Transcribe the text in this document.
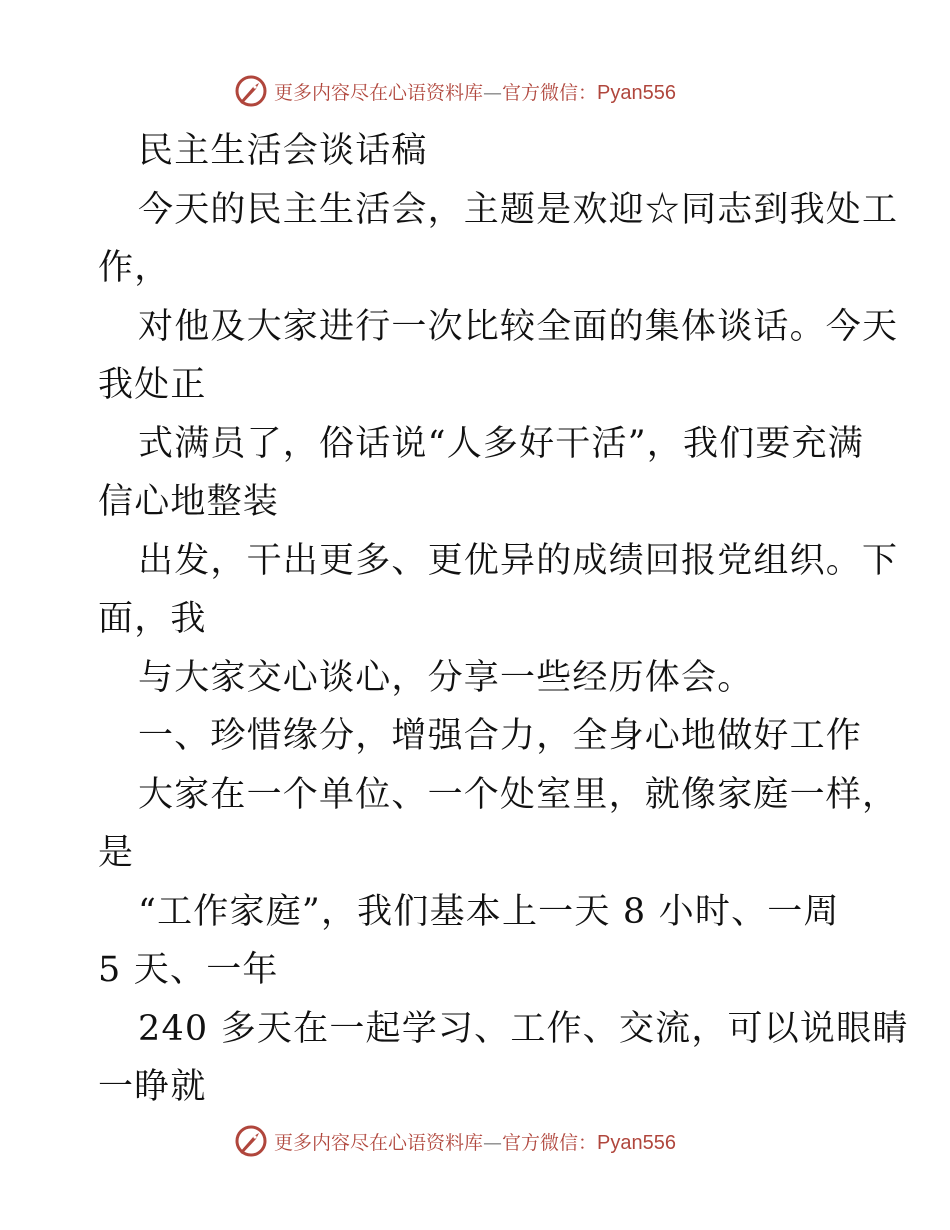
更多内容尽在心语资料库—官方微信：Pyan556
民主生活会谈话稿
今天的民主生活会，主题是欢迎☆同志到我处工
作，
对他及大家进行一次比较全面的集体谈话。今天
我处正
式满员了，俗话说“人多好干活”，我们要充满
信心地整装
出发，干出更多、更优异的成绩回报党组织。下
面，我
与大家交心谈心，分享一些经历体会。
一、珍惜缘分，增强合力，全身心地做好工作
大家在一个单位、一个处室里，就像家庭一样，
是
“工作家庭”，我们基本上一天 8 小时、一周
5 天、一年
240 多天在一起学习、工作、交流，可以说眼睛
一睁就
更多内容尽在心语资料库—官方微信：Pyan556
